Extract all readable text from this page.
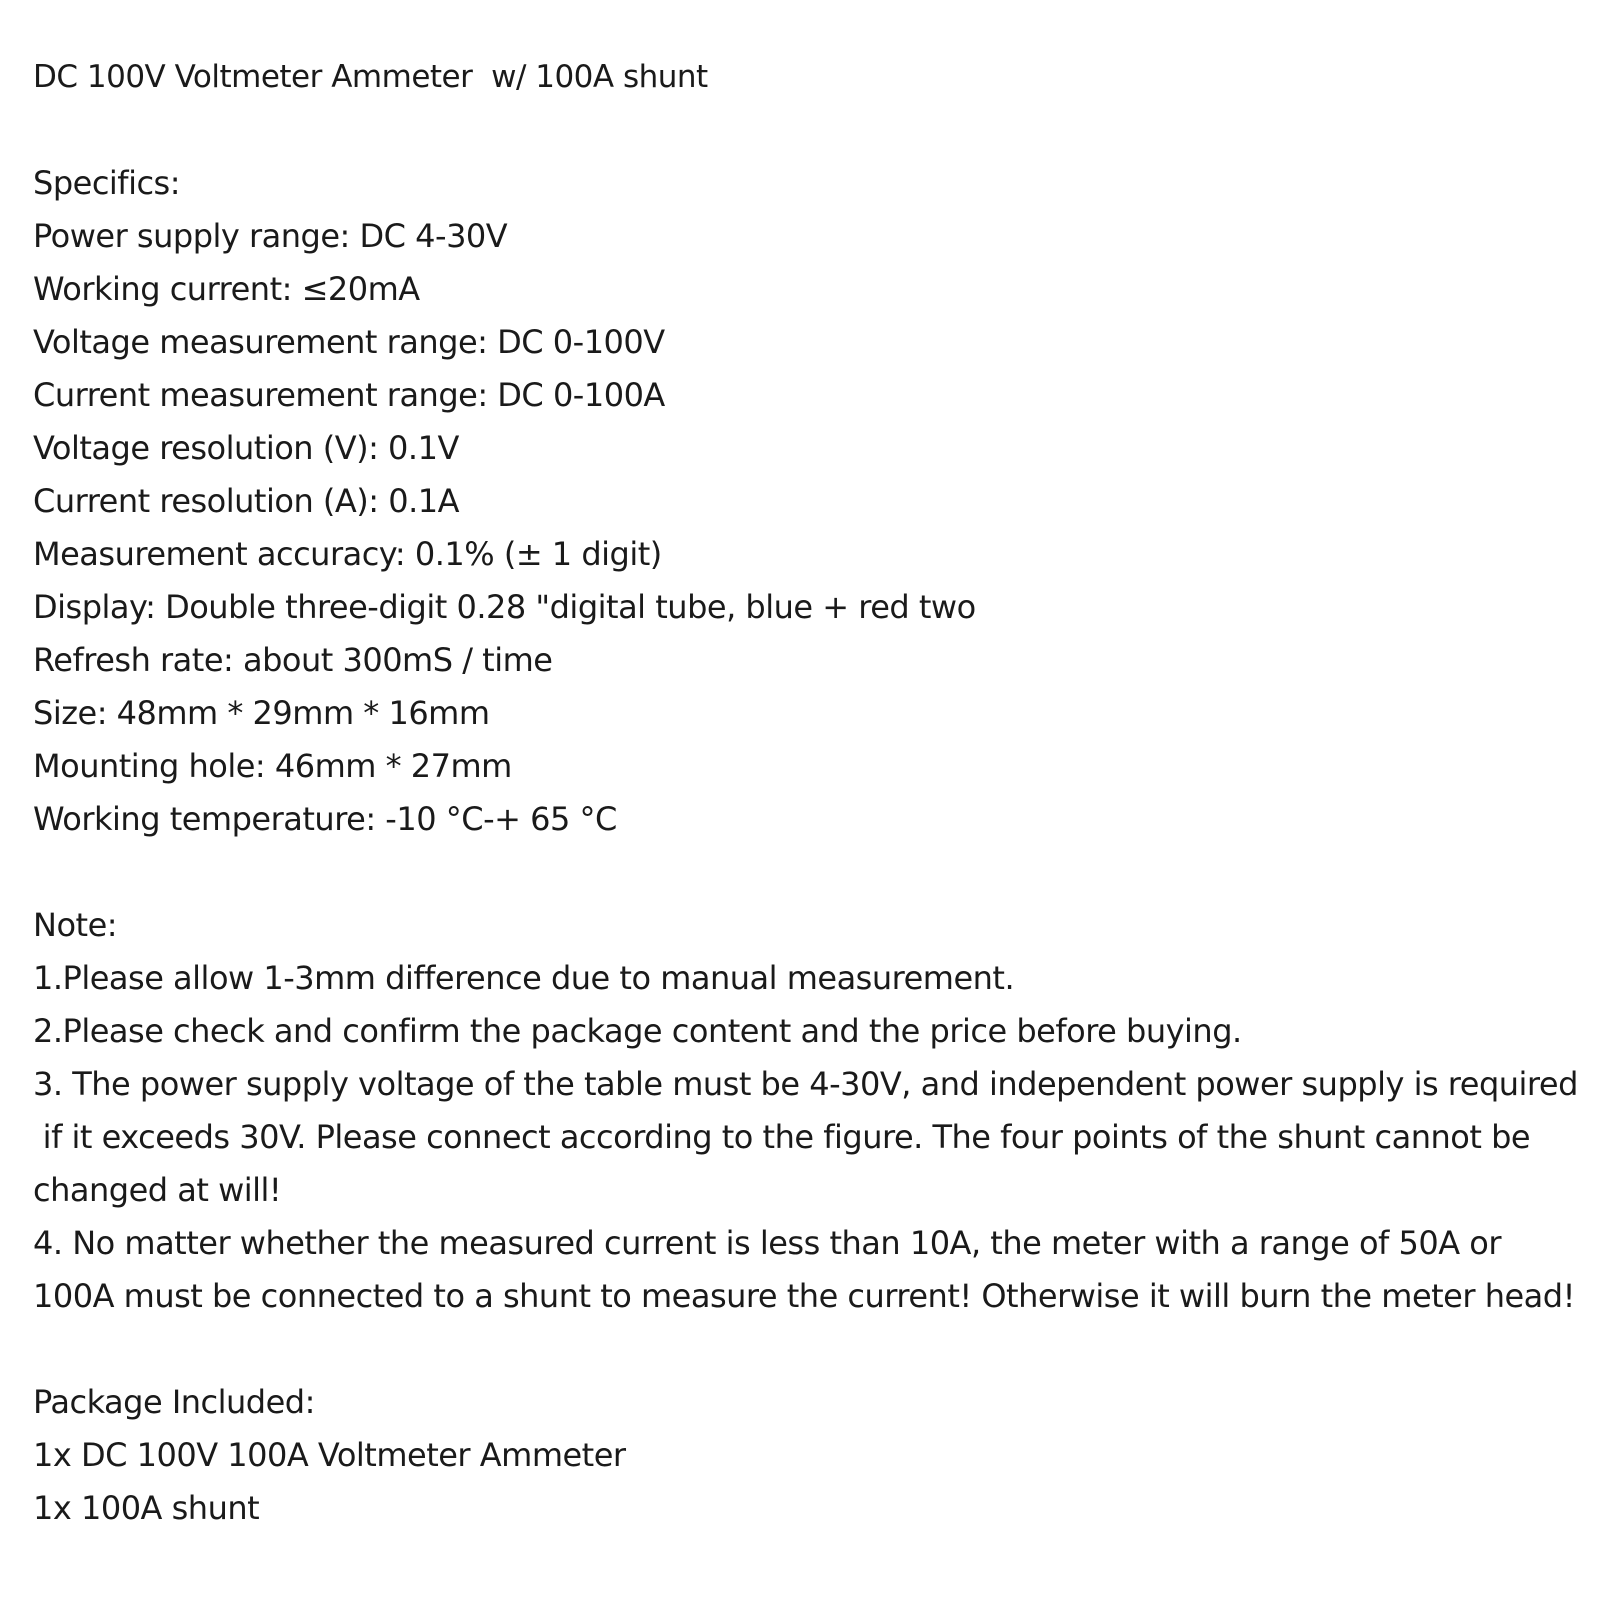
DC 100V Voltmeter Ammeter  w/ 100A shunt
Specifics:
Power supply range: DC 4-30V
Working current: ≤20mA
Voltage measurement range: DC 0-100V
Current measurement range: DC 0-100A
Voltage resolution (V): 0.1V
Current resolution (A): 0.1A
Measurement accuracy: 0.1% (± 1 digit)
Display: Double three-digit 0.28 "digital tube, blue + red two
Refresh rate: about 300mS / time
Size: 48mm * 29mm * 16mm
Mounting hole: 46mm * 27mm
Working temperature: -10 °C-+ 65 °C
Note:
1.Please allow 1-3mm difference due to manual measurement.
2.Please check and confirm the package content and the price before buying.
3. The power supply voltage of the table must be 4-30V, and independent power supply is required
if it exceeds 30V. Please connect according to the figure. The four points of the shunt cannot be
changed at will!
4. No matter whether the measured current is less than 10A, the meter with a range of 50A or
100A must be connected to a shunt to measure the current! Otherwise it will burn the meter head!
Package Included:
1x DC 100V 100A Voltmeter Ammeter
1x 100A shunt
